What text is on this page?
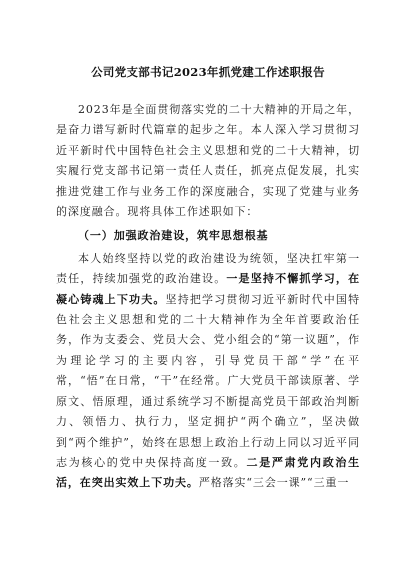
公司党支部书记2023年抓党建工作述职报告

2023年是全面贯彻落实党的二十大精神的开局之年，是奋力谱写新时代篇章的起步之年。本人深入学习贯彻习近平新时代中国特色社会主义思想和党的二十大精神，切实履行党支部书记第一责任人责任，抓亮点促发展，扎实推进党建工作与业务工作的深度融合，实现了党建与业务的深度融合。现将具体工作述职如下：

（一）加强政治建设，筑牢思想根基

本人始终坚持以党的政治建设为统领，坚决扛牢第一责任，持续加强党的政治建设。一是坚持不懈抓学习，在凝心铸魂上下功夫。坚持把学习贯彻习近平新时代中国特色社会主义思想和党的二十大精神作为全年首要政治任务，作为支委会、党员大会、党小组会的“第一议题”，作为理论学习的主要内容，引导党员干部“学”在平常，“悟”在日常，“干”在经常。广大党员干部读原著、学原文、悟原理，通过系统学习不断提高党员干部政治判断力、领悟力、执行力，坚定拥护“两个确立”，坚决做到“两个维护”，始终在思想上政治上行动上同以习近平同志为核心的党中央保持高度一致。二是严肃党内政治生活，在突出实效上下功夫。严格落实“三会一课”“三重一
